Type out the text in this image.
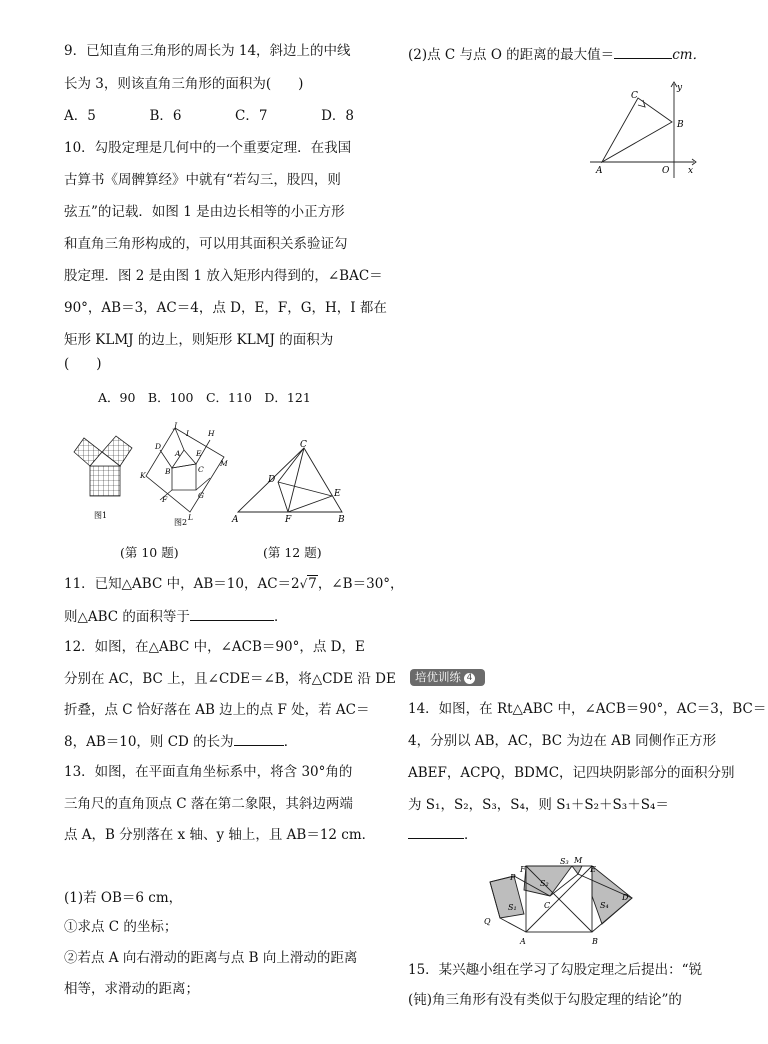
9．已知直角三角形的周长为 14，斜边上的中线
长为 3，则该直角三角形的面积为(　　)
A．5	B．6	C．7	D．8
10．勾股定理是几何中的一个重要定理．在我国
古算书《周髀算经》中就有“若勾三，股四，则
弦五”的记载．如图 1 是由边长相等的小正方形
和直角三角形构成的，可以用其面积关系验证勾
股定理．图 2 是由图 1 放入矩形内得到的，∠BAC＝
90°，AB＝3，AC＝4，点 D，E，F，G，H，I 都在
矩形 KLMJ 的边上，则矩形 KLMJ 的面积为
(　　)
A．90　B．100　C．110　D．121
图1
J
I	H
D
A E
B	C
M
K
F	G
L
图2
C
D
E
A	F	B
(第 10 题)	(第 12 题)
11．已知△ABC 中，AB＝10，AC＝2√7，∠B＝30°，
则△ABC 的面积等于	．
12．如图，在△ABC 中，∠ACB＝90°，点 D，E
分别在 AC，BC 上，且∠CDE＝∠B，将△CDE 沿 DE
折叠，点 C 恰好落在 AB 边上的点 F 处，若 AC＝
8，AB＝10，则 CD 的长为	．
13．如图，在平面直角坐标系中，将含 30°角的
三角尺的直角顶点 C 落在第二象限，其斜边两端
点 A，B 分别落在 x 轴、y 轴上，且 AB＝12 cm．
(1)若 OB＝6 cm，
①求点 C 的坐标；
②若点 A 向右滑动的距离与点 B 向上滑动的距离
相等，求滑动的距离；
(2)点 C 与点 O 的距离的最大值＝	cm．
C
y
B
A	O x
培优训练 4
14．如图，在 Rt△ABC 中，∠ACB＝90°，AC＝3，BC＝
4，分别以 AB，AC，BC 为边在 AB 同侧作正方形
ABEF，ACPQ，BDMC，记四块阴影部分的面积分别
为 S₁，S₂，S₃，S₄，则 S₁＋S₂＋S₃＋S₄＝
．
S₃ M
F	E
P
S₂
C
S₁	S₄
D
Q
A	B
15．某兴趣小组在学习了勾股定理之后提出：“锐
(钝)角三角形有没有类似于勾股定理的结论”的
